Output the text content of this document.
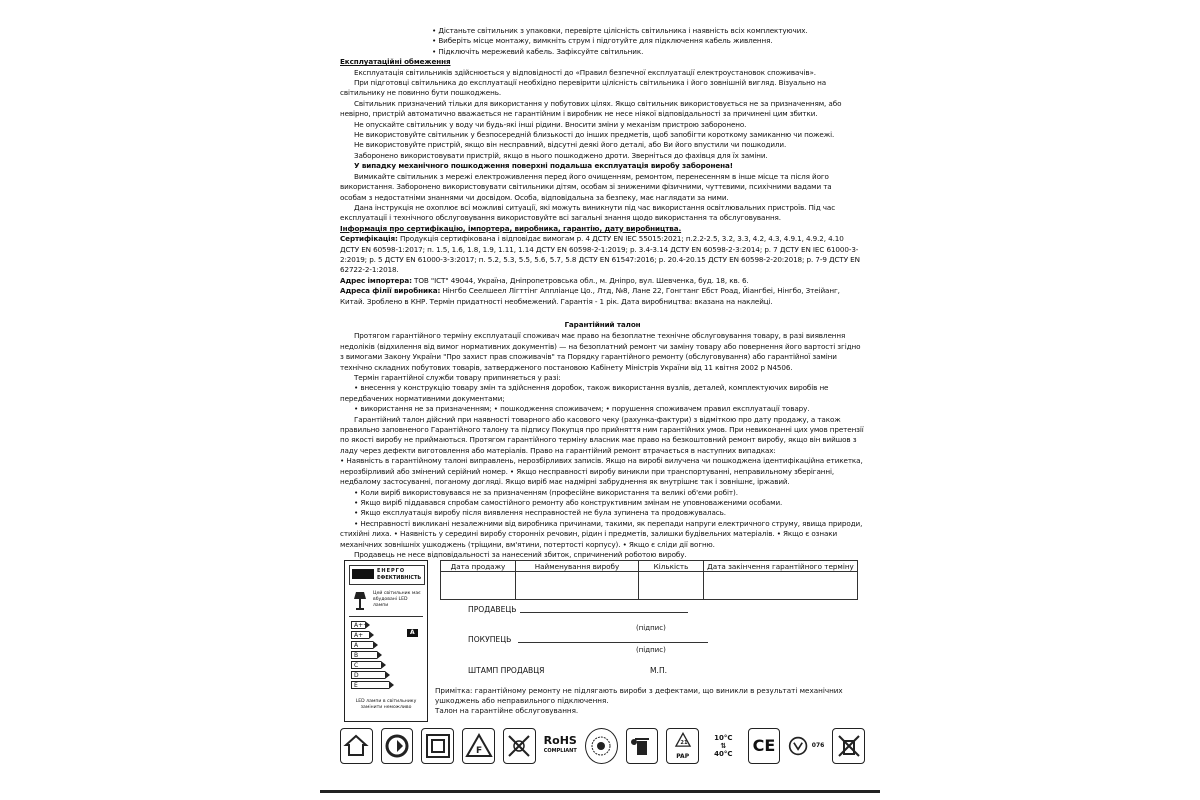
• Дістаньте світильник з упаковки, перевірте цілісність світильника і наявність всіх комплектуючих.

• Виберіть місце монтажу, вимкніть струм і підготуйте для підключення кабель живлення.

• Підключіть мережевий кабель. Зафіксуйте світильник.

Експлуатаційні обмеження

Експлуатація світильників здійснюється у відповідності до «Правил безпечної експлуатації електроустановок споживачів».

При підготовці світильника до експлуатації необхідно перевірити цілісність світильника і його зовнішній вигляд. Візуально на світильнику не повинно бути пошкоджень.

Світильник призначений тільки для використання у побутових цілях. Якщо світильник використовується не за призначенням, або невірно, пристрій автоматично вважається не гарантійним і виробник не несе ніякої відповідальності за причинені цим збитки.

Не опускайте світильник у воду чи будь-які інші рідини. Вносити зміни у механізм пристрою заборонено.

Не використовуйте світильник у безпосередній близькості до інших предметів, щоб запобігти короткому замиканню чи пожежі.

Не використовуйте пристрій, якщо він несправний, відсутні деякі його деталі, або Ви його впустили чи пошкодили.

Заборонено використовувати пристрій, якщо в нього пошкоджено дроти. Зверніться до фахівця для їх заміни.

У випадку механічного пошкодження поверхні подальша експлуатація виробу заборонена!

Вимикайте світильник з мережі електроживлення перед його очищенням, ремонтом, перенесенням в інше місце та після його використання. Заборонено використовувати світильники дітям, особам зі зниженими фізичними, чуттєвими, психічними вадами та особам з недостатніми знаннями чи досвідом. Особа, відповідальна за безпеку, має наглядати за ними.

Дана інструкція не охоплює всі можливі ситуації, які можуть виникнути під час використання освітлювальних пристроїв. Під час експлуатації і технічного обслуговування використовуйте всі загальні знання щодо використання та обслуговування.

Інформація про сертифікацію, імпортера, виробника, гарантію, дату виробництва.

Сертифікація: Продукція сертифікована і відповідає вимогам р. 4 ДСТУ EN IEC 55015:2021; п.2.2-2.5, 3.2, 3.3, 4.2, 4.3, 4.9.1, 4.9.2, 4.10 ДСТУ EN 60598-1:2017; п. 1.5, 1.6, 1.8, 1.9, 1.11, 1.14 ДСТУ EN 60598-2-1:2019; р. 3.4-3.14 ДСТУ EN 60598-2-3:2014; р. 7 ДСТУ EN IEC 61000-3-2:2019; р. 5 ДСТУ EN 61000-3-3:2017; п. 5.2, 5.3, 5.5, 5.6, 5.7, 5.8 ДСТУ EN 61547:2016; р. 20.4-20.15 ДСТУ EN 60598-2-20:2018; р. 7-9 ДСТУ EN 62722-2-1:2018.

Адрес імпортера: ТОВ "ІСТ" 49044, Україна, Дніпропетровська обл., м. Дніпро, вул. Шевченка, буд. 18, кв. 6.

Адреса філії виробника: Нінгбо Сеелшеел Лігттінг Аппліанце Цо., Лтд, №8, Ланe 22, Гонгтанг Ебст Роад, Йіангбеі, Нінгбо, Зтеійанг, Китай. Зроблено в КНР. Термін придатності необмежений. Гарантія - 1 рік. Дата виробництва: вказана на наклейці.

Гарантійний талон

Протягом гарантійного терміну експлуатації споживач має право на безоплатне технічне обслуговування товару, в разі виявлення недоліків (відхилення від вимог нормативних документів) — на безоплатний ремонт чи заміну товару або повернення його вартості згідно з вимогами Закону України "Про захист прав споживачів" та Порядку гарантійного ремонту (обслуговування) або гарантійної заміни технічно складних побутових товарів, затвердженого постановою Кабінету Міністрів України від 11 квітня 2002 р N4506.

Термін гарантійної служби товару припиняється у разі:

• внесення у конструкцію товару змін та здійснення доробок, також використання вузлів, деталей, комплектуючих виробів не передбачених нормативними документами;

• використання не за призначенням; • пошкодження споживачем; • порушення споживачем правил експлуатації товару.

Гарантійний талон дійсний при наявності товарного або касового чеку (рахунка-фактури) з відміткою про дату продажу, а також правильно заповненого Гарантійного талону та підпису Покупця про прийняття ним гарантійних умов. При невиконанні цих умов претензії по якості виробу не приймаються. Протягом гарантійного терміну власник має право на безкоштовний ремонт виробу, якщо він вийшов з ладу через дефекти виготовлення або матеріалів. Право на гарантійний ремонт втрачається в наступних випадках:

• Наявність в гарантійному талоні виправлень, нерозбірливих записів. Якщо на виробі вилучена чи пошкоджена ідентифікаційна етикетка, нерозбірливий або змінений серійний номер. • Якщо несправності виробу виникли при транспортуванні, неправильному зберіганні, недбалому застосуванні, поганому догляді. Якщо виріб має надмірні забруднення як внутрішнє так і зовнішнє, іржавий.

• Коли виріб використовувався не за призначенням (професійне використання та великі об'єми робіт).

• Якщо виріб піддавався спробам самостійного ремонту або конструктивним змінам не уповноваженими особами.

• Якщо експлуатація виробу після виявлення несправностей не була зупинена та продовжувалась.

• Несправності викликані незалежними від виробника причинами, такими, як перепади напруги електричного струму, явища природи, стихійні лиха. • Наявність у середині виробу сторонніх речовин, рідин і предметів, залишки будівельних матеріалів. • Якщо є ознаки механічних зовнішніх ушкоджень (тріщини, вм'ятини, потертості корпусу). • Якщо є сліди дії вогню.

Продавець не несе відповідальності за нанесений збиток, спричинений роботою виробу.

ЕНЕРГО
ЕФЕКТИВНІСТЬ
Цей світильник має вбудовані LED лампи
A++
A+
A
B
C
D
E
A
LED лампи в світильнику замінити неможливо
Дата продажу	Найменування виробу	Кількість	Дата закінчення гарантійного терміну

ПРОДАВЕЦЬ
(підпис)
ПОКУПЕЦЬ
(підпис)
ШТАМП ПРОДАВЦЯ	М.П.
Примітка: гарантійному ремонту не підлягають вироби з дефектами, що виникли в результаті механічних ушкоджень або неправильного підключення.
Талон на гарантійне обслуговування.
F
RoHS
COMPLIANT
21

PAP
10°C
⇅
40°C	CE	076
